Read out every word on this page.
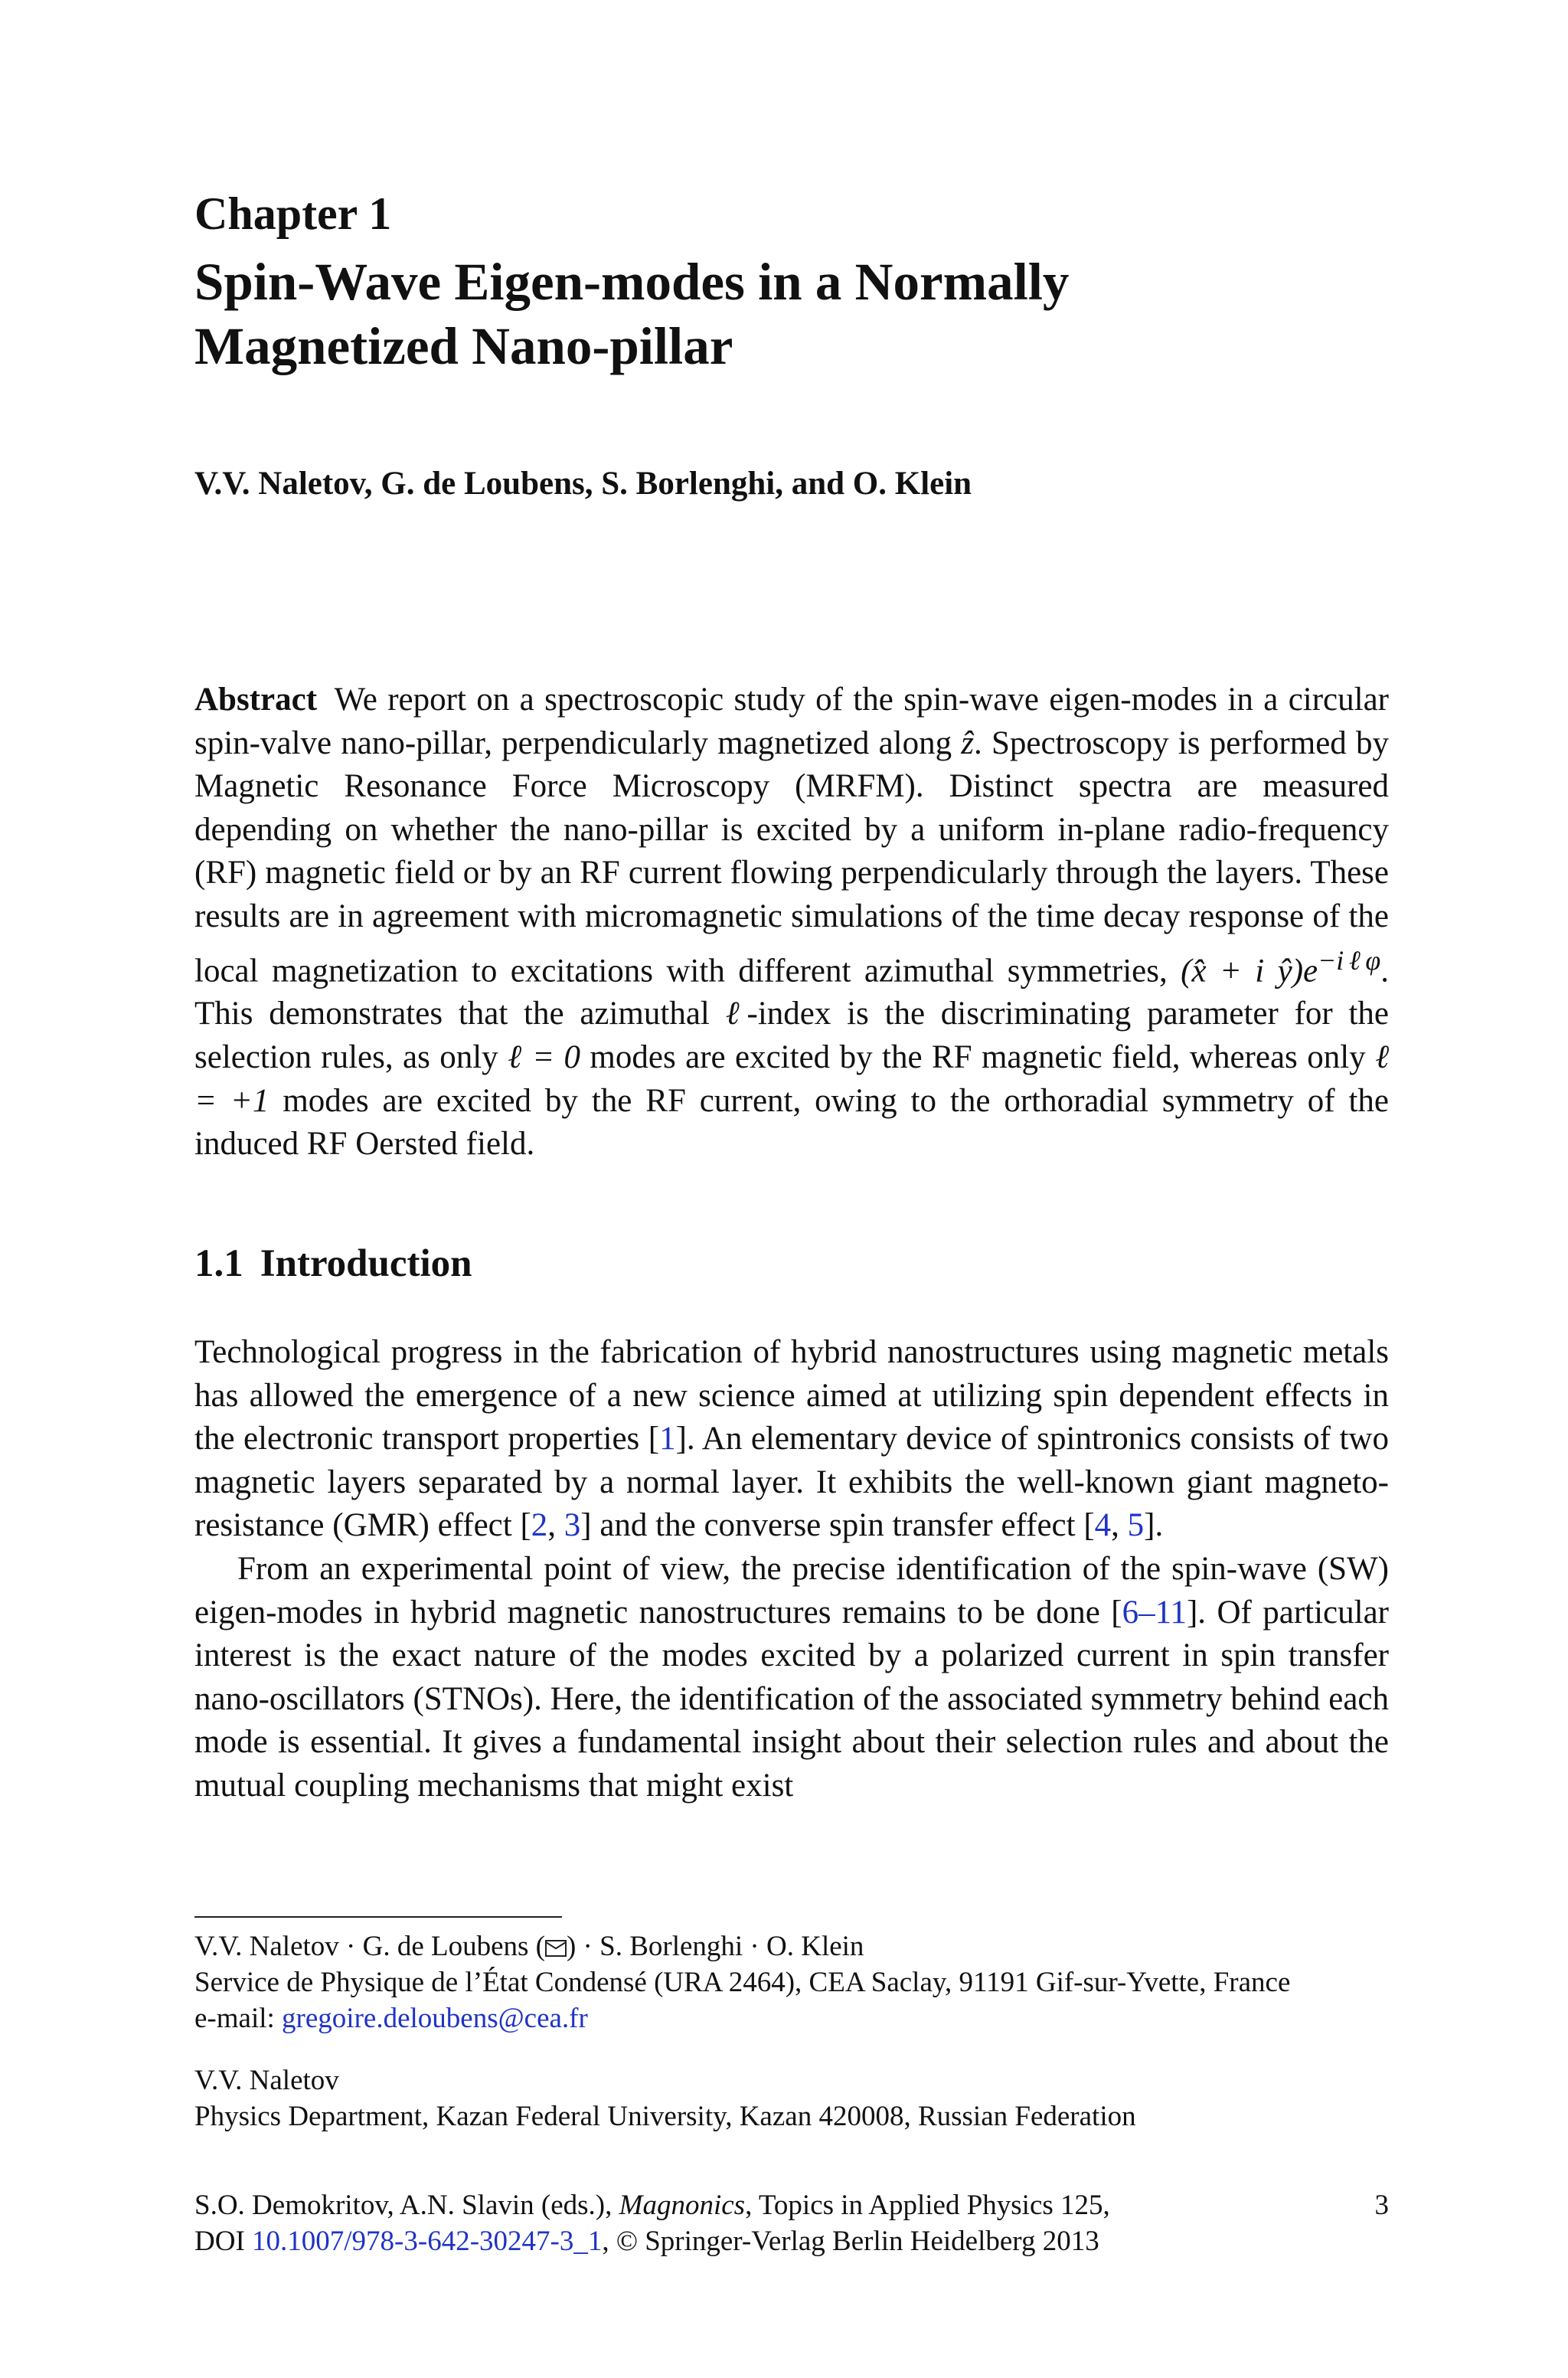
Chapter 1
Spin-Wave Eigen-modes in a Normally
Magnetized Nano-pillar
V.V. Naletov, G. de Loubens, S. Borlenghi, and O. Klein
Abstract We report on a spectroscopic study of the spin-wave eigen-modes in a circular spin-valve nano-pillar, perpendicularly magnetized along ẑ. Spectroscopy is performed by Magnetic Resonance Force Microscopy (MRFM). Distinct spectra are measured depending on whether the nano-pillar is excited by a uniform in-plane radio-frequency (RF) magnetic field or by an RF current flowing perpendicularly through the layers. These results are in agreement with micromagnetic simulations of the time decay response of the local magnetization to excitations with different azimuthal symmetries, (x̂ + i $ŷ)e^{-i\ell\varphi}$. This demonstrates that the azimuthal ℓ-index is the discriminating parameter for the selection rules, as only ℓ = 0 modes are excited by the RF magnetic field, whereas only ℓ = +1 modes are excited by the RF current, owing to the orthoradial symmetry of the induced RF Oersted field.
1.1 Introduction

Technological progress in the fabrication of hybrid nanostructures using magnetic metals has allowed the emergence of a new science aimed at utilizing spin dependent effects in the electronic transport properties [1]. An elementary device of spintronics consists of two magnetic layers separated by a normal layer. It exhibits the well-known giant magneto-resistance (GMR) effect [2, 3] and the converse spin transfer effect [4, 5].

From an experimental point of view, the precise identification of the spin-wave (SW) eigen-modes in hybrid magnetic nanostructures remains to be done [6–11]. Of particular interest is the exact nature of the modes excited by a polarized current in spin transfer nano-oscillators (STNOs). Here, the identification of the associated symmetry behind each mode is essential. It gives a fundamental insight about their selection rules and about the mutual coupling mechanisms that might exist

V.V. Naletov · G. de Loubens ( ) · S. Borlenghi · O. Klein
Service de Physique de l’État Condensé (URA 2464), CEA Saclay, 91191 Gif-sur-Yvette, France
e-mail: gregoire.deloubens@cea.fr
V.V. Naletov
Physics Department, Kazan Federal University, Kazan 420008, Russian Federation
S.O. Demokritov, A.N. Slavin (eds.), Magnonics, Topics in Applied Physics 125,
DOI 10.1007/978-3-642-30247-3_1, © Springer-Verlag Berlin Heidelberg 2013
3
